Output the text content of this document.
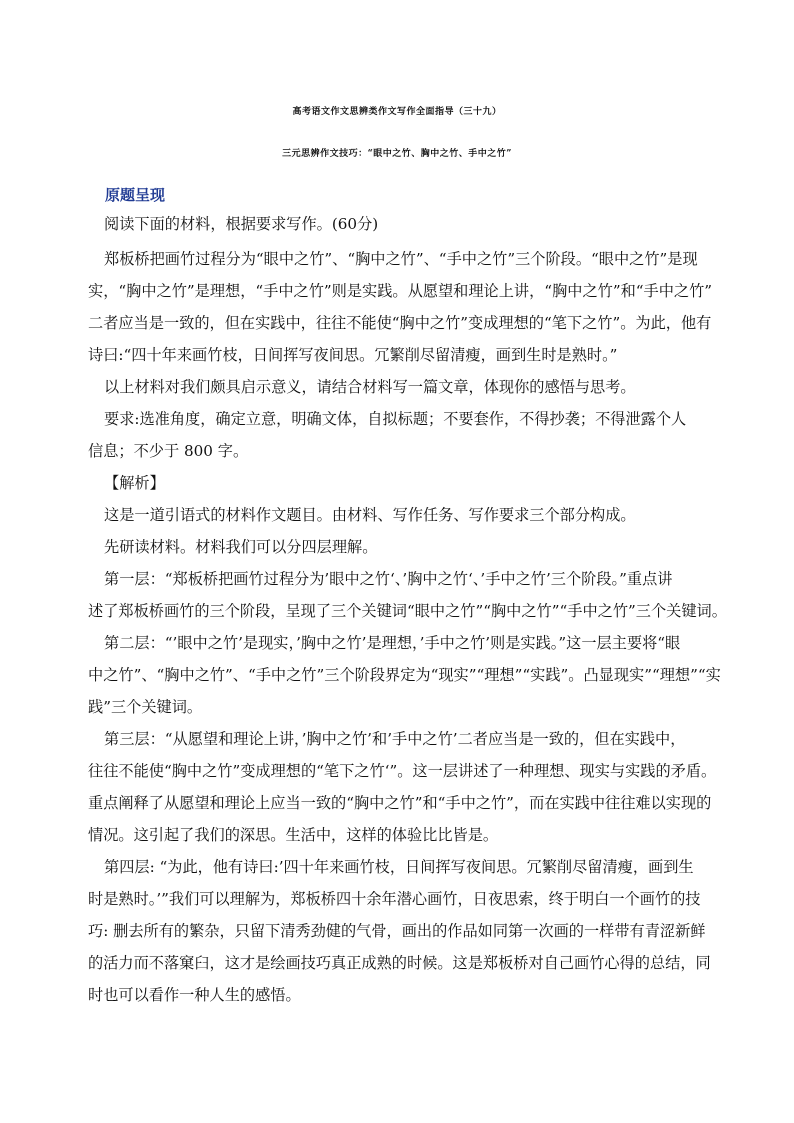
高考语文作文思辨类作文写作全面指导（三十九）
三元思辨作文技巧：“眼中之竹、胸中之竹、手中之竹”
原题呈现
阅读下面的材料，根据要求写作。(60分)
郑板桥把画竹过程分为“眼中之竹”、“胸中之竹”、“手中之竹”三个阶段。“眼中之竹”是现
实，“胸中之竹”是理想，“手中之竹”则是实践。从愿望和理论上讲，“胸中之竹”和“手中之竹”
二者应当是一致的，但在实践中，往往不能使“胸中之竹”变成理想的“笔下之竹”。为此，他有
诗曰:“四十年来画竹枝，日间挥写夜间思。冗繁削尽留清瘦，画到生时是熟时。”
以上材料对我们颇具启示意义，请结合材料写一篇文章，体现你的感悟与思考。
要求:选准角度，确定立意，明确文体，自拟标题；不要套作，不得抄袭；不得泄露个人
信息；不少于 800 字。
【解析】
这是一道引语式的材料作文题目。由材料、写作任务、写作要求三个部分构成。
先研读材料。材料我们可以分四层理解。
第一层：“郑板桥把画竹过程分为’眼中之竹‘、’胸中之竹‘、’手中之竹’三个阶段。”重点讲
述了郑板桥画竹的三个阶段，呈现了三个关键词“眼中之竹”“胸中之竹”“手中之竹”三个关键词。
第二层：“’眼中之竹’是现实，’胸中之竹’是理想，’手中之竹’则是实践。”这一层主要将“眼
中之竹”、“胸中之竹”、“手中之竹”三个阶段界定为“现实”“理想”“实践”。凸显现实”“理想”“实
践”三个关键词。
第三层：“从愿望和理论上讲，’胸中之竹’和’手中之竹’二者应当是一致的，但在实践中，
往往不能使“胸中之竹”变成理想的“笔下之竹‘”。这一层讲述了一种理想、现实与实践的矛盾。
重点阐释了从愿望和理论上应当一致的“胸中之竹”和“手中之竹”，而在实践中往往难以实现的
情况。这引起了我们的深思。生活中，这样的体验比比皆是。
第四层: “为此，他有诗曰:’四十年来画竹枝，日间挥写夜间思。冗繁削尽留清瘦，画到生
时是熟时。’”我们可以理解为，郑板桥四十余年潜心画竹，日夜思索，终于明白一个画竹的技
巧: 删去所有的繁杂，只留下清秀劲健的气骨，画出的作品如同第一次画的一样带有青涩新鲜
的活力而不落窠臼，这才是绘画技巧真正成熟的时候。这是郑板桥对自己画竹心得的总结，同
时也可以看作一种人生的感悟。
